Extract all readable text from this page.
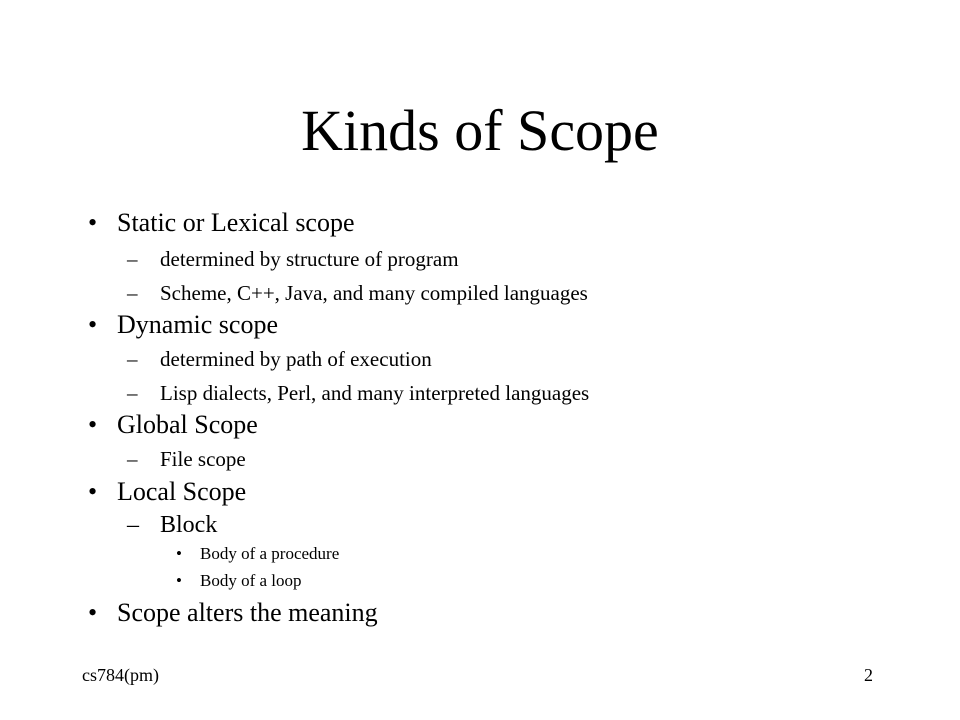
Kinds of Scope
• Static or Lexical scope
– determined by structure of program
– Scheme, C++, Java, and many compiled languages
• Dynamic scope
– determined by path of execution
– Lisp dialects, Perl, and many interpreted languages
• Global Scope
– File scope
• Local Scope
– Block
• Body of a procedure
• Body of a loop
• Scope alters the meaning
cs784(pm)	2
